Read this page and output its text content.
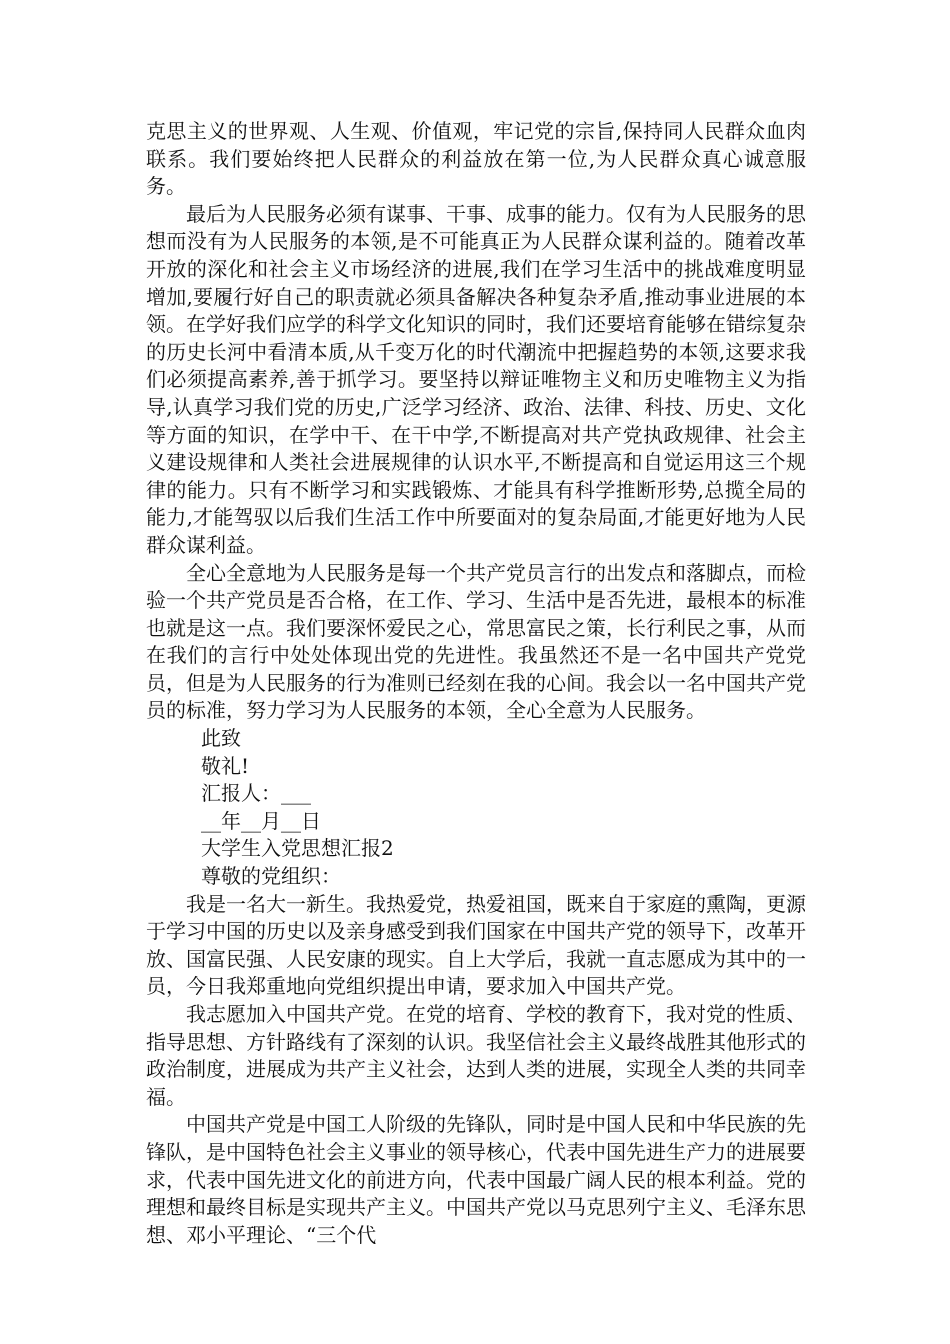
克思主义的世界观、人生观、价值观，牢记党的宗旨,保持同人民群众血肉联系。我们要始终把人民群众的利益放在第一位,为人民群众真心诚意服务。

最后为人民服务必须有谋事、干事、成事的能力。仅有为人民服务的思想而没有为人民服务的本领,是不可能真正为人民群众谋利益的。随着改革开放的深化和社会主义市场经济的进展,我们在学习生活中的挑战难度明显增加,要履行好自己的职责就必须具备解决各种复杂矛盾,推动事业进展的本领。在学好我们应学的科学文化知识的同时，我们还要培育能够在错综复杂的历史长河中看清本质,从千变万化的时代潮流中把握趋势的本领,这要求我们必须提高素养,善于抓学习。要坚持以辩证唯物主义和历史唯物主义为指导,认真学习我们党的历史,广泛学习经济、政治、法律、科技、历史、文化等方面的知识，在学中干、在干中学,不断提高对共产党执政规律、社会主义建设规律和人类社会进展规律的认识水平,不断提高和自觉运用这三个规律的能力。只有不断学习和实践锻炼、才能具有科学推断形势,总揽全局的能力,才能驾驭以后我们生活工作中所要面对的复杂局面,才能更好地为人民群众谋利益。

全心全意地为人民服务是每一个共产党员言行的出发点和落脚点，而检验一个共产党员是否合格，在工作、学习、生活中是否先进，最根本的标准也就是这一点。我们要深怀爱民之心，常思富民之策，长行利民之事，从而在我们的言行中处处体现出党的先进性。我虽然还不是一名中国共产党党员，但是为人民服务的行为准则已经刻在我的心间。我会以一名中国共产党员的标准，努力学习为人民服务的本领，全心全意为人民服务。

此致

敬礼!

汇报人：___

__年__月__日

大学生入党思想汇报2

尊敬的党组织：

我是一名大一新生。我热爱党，热爱祖国，既来自于家庭的熏陶，更源于学习中国的历史以及亲身感受到我们国家在中国共产党的领导下，改革开放、国富民强、人民安康的现实。自上大学后，我就一直志愿成为其中的一员，今日我郑重地向党组织提出申请，要求加入中国共产党。

我志愿加入中国共产党。在党的培育、学校的教育下，我对党的性质、指导思想、方针路线有了深刻的认识。我坚信社会主义最终战胜其他形式的政治制度，进展成为共产主义社会，达到人类的进展，实现全人类的共同幸福。

中国共产党是中国工人阶级的先锋队，同时是中国人民和中华民族的先锋队，是中国特色社会主义事业的领导核心，代表中国先进生产力的进展要求，代表中国先进文化的前进方向，代表中国最广阔人民的根本利益。党的理想和最终目标是实现共产主义。中国共产党以马克思列宁主义、毛泽东思想、邓小平理论、“三个代
